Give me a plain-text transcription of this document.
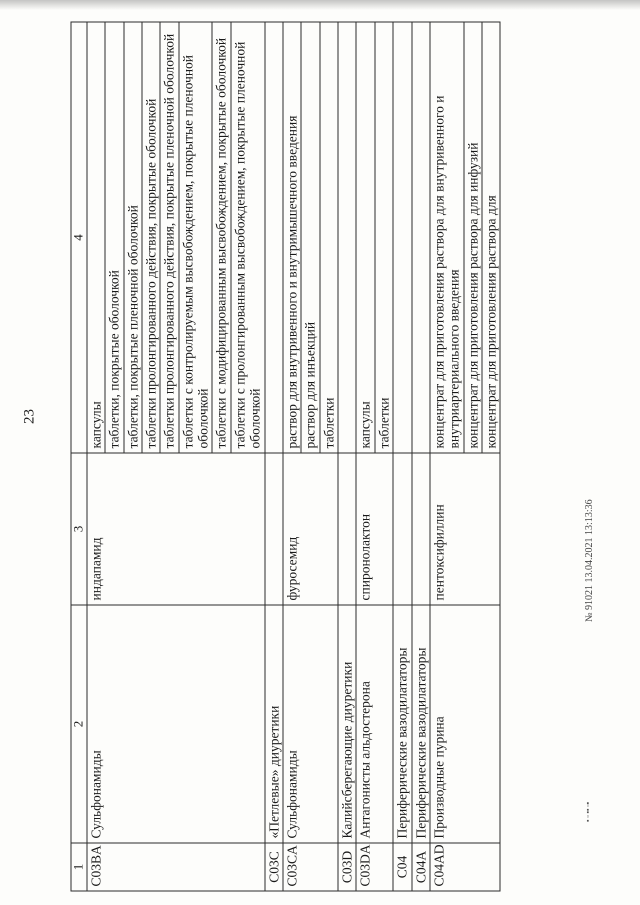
23
1	2	3	4
C03BA	Сульфонамиды	индапамид	капсулы
			таблетки, покрытые оболочкой
			таблетки, покрытые пленочной оболочкой
			таблетки пролонгированного действия, покрытые оболочкой
			таблетки пролонгированного действия, покрытые пленочной оболочкой
			таблетки с контролируемым высвобождением, покрытые пленочной оболочкой
			таблетки с модифицированным высвобождением, покрытые оболочкой
			таблетки с пролонгированным высвобождением, покрытые пленочной оболочкой
C03C	«Петлевые» диуретики		
C03CA	Сульфонамиды	фуросемид	раствор для внутривенного и внутримышечного введения
			раствор для инъекций
			таблетки
C03D	Калийсберегающие диуретики		
C03DA	Антагонисты альдостерона	спиронолактон	капсулы
			таблетки
C04	Периферические вазодилататоры		
C04A	Периферические вазодилататоры		
C04AD	Производные пурина	пентоксифиллин	концентрат для приготовления раствора для внутривенного и внутриартериального введения
			концентрат для приготовления раствора для инфузий
			концентрат для приготовления раствора для
№ 91021 13.04.2021 13:13:36
▪ ▫ ▪▪ ▫▪
